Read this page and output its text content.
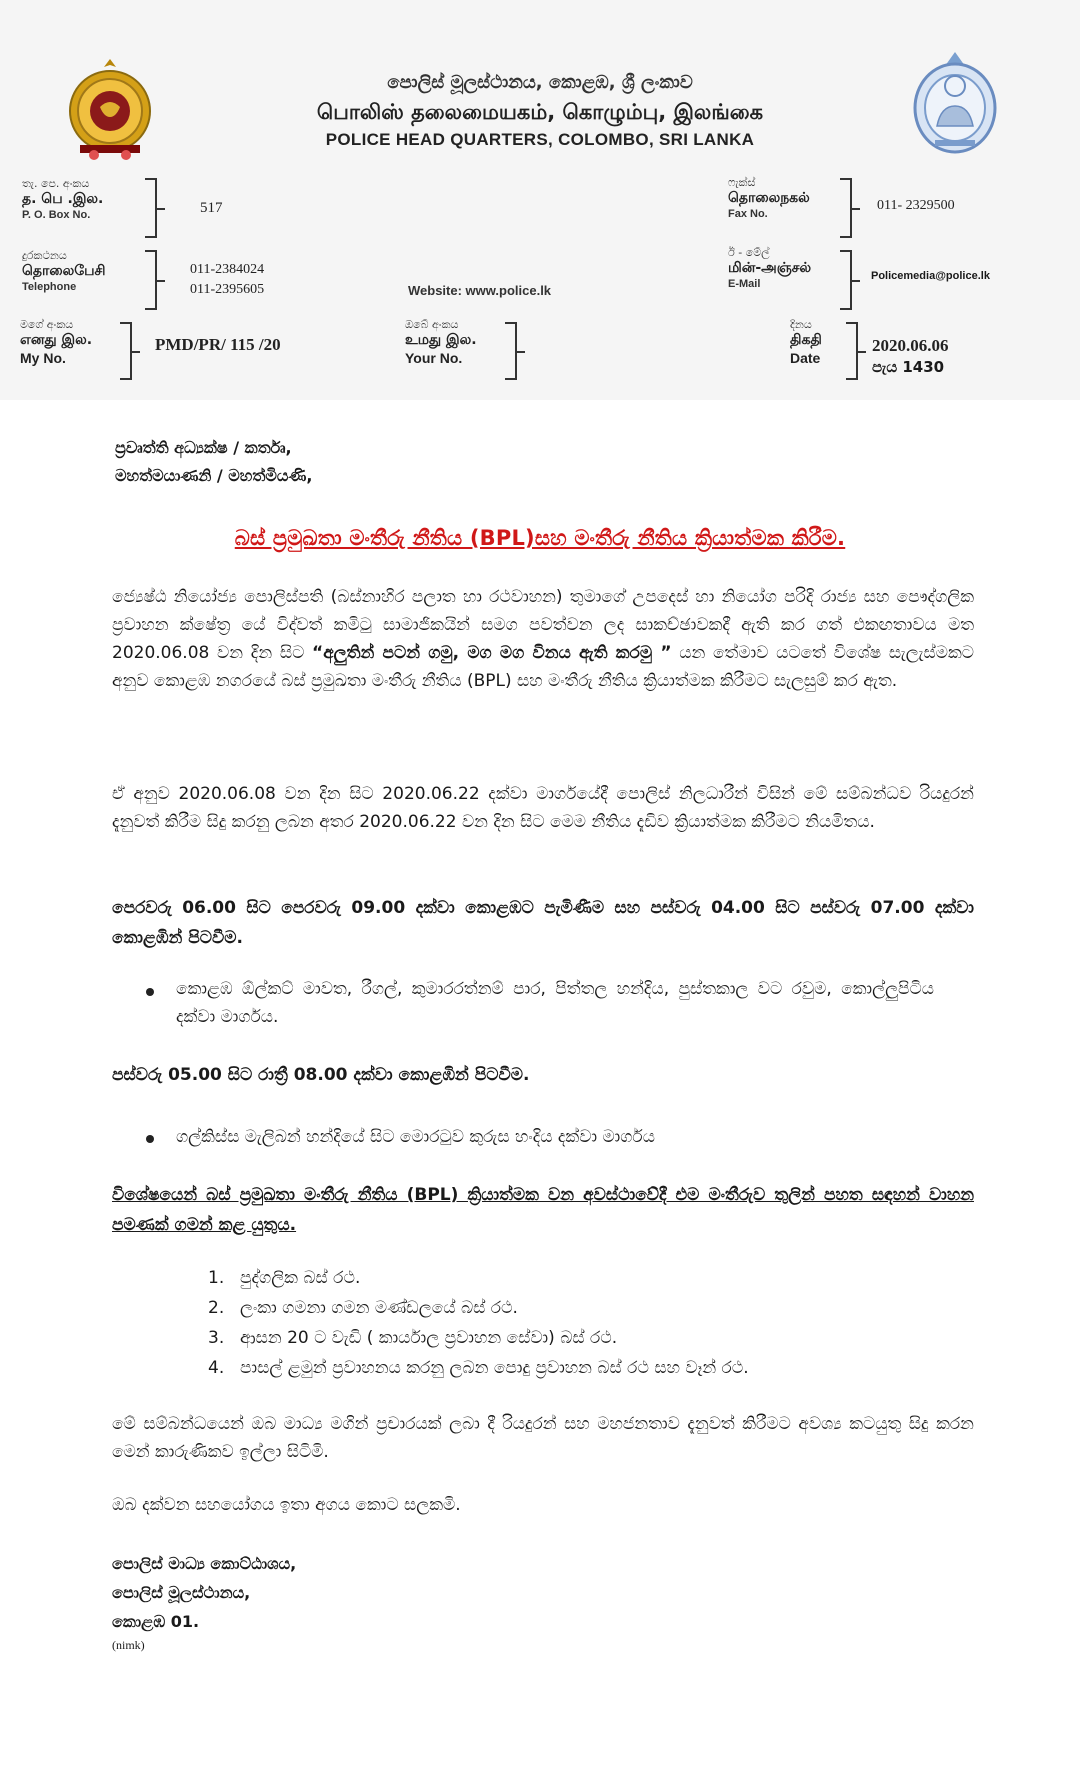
පොලිස් මූලස්ථානය, කොළඹ, ශ්‍රී ලංකාව
பொலிஸ் தலைமையகம், கொழும்பு, இலங்கை
POLICE HEAD QUARTERS, COLOMBO, SRI LANKA
තැ. පෙ. අංකය
த. பெ .இல.
P. O. Box No.	517
ෆැක්ස්
தொலைநகல்
Fax No.
011- 2329500
දුරකථනය
தொலைபேசி
Telephone
011-2384024
011-2395605	Website: www.police.lk
ඊ - මේල්
மின்-அஞ்சல்
E-Mail
Policemedia@police.lk
මගේ අංකය
எனது இல.
My No.
PMD/PR/ 115 /20
ඔබේ අංකය
உமது இல.
Your No.
දිනය
திகதி
Date
2020.06.06
පැය 1430
ප්‍රවෘත්ති අධ්‍යක්ෂ / කර්තෘ,
මහත්මයාණනි / මහත්මියණි,
බස් ප්‍රමුඛතා මංතීරු නීතිය (BPL)සහ මංතීරු නීතිය ක්‍රියාත්මක කිරීම.
ජ්‍යෙෂ්ඨ නියෝජ්‍ය පොලිස්පති (බස්නාහිර පලාත හා රථවාහන) තුමාගේ උපදෙස් හා නියෝග පරිදි රාජ්‍ය සහ පෞද්ගලික ප්‍රවාහන ක්ෂේත්‍ර යේ විද්වත් කමිටු සාමාජිකයින් සමග පවත්වන ලද සාකච්ඡාවකදී ඇති කර ගත් එකඟතාවය මත 2020.06.08 වන දින සිට “අලුතින් පටන් ගමු, මග මග විනය ඇති කරමු ” යන තේමාව යටතේ විශේෂ සැලැස්මකට අනුව කොළඹ නගරයේ බස් ප්‍රමුඛතා මංතීරු නීතිය (BPL) සහ මංතීරු නීතිය ක්‍රියාත්මක කිරීමට සැලසුම් කර ඇත.
ඒ අනුව 2020.06.08 වන දින සිට 2020.06.22 දක්වා මාර්ගයේදී පොලිස් නිලධාරීන් විසින් මේ සම්බන්ධව රියදුරන් දැනුවත් කිරීම සිදු කරනු ලබන අතර 2020.06.22 වන දින සිට මෙම නීතිය දැඩිව ක්‍රියාත්මක කිරීමට නියමිතය.
පෙරවරු 06.00 සිට පෙරවරු 09.00 දක්වා කොළඹට පැමිණීම සහ පස්වරු 04.00 සිට පස්වරු 07.00 දක්වා කොළඹින් පිටවීම.
කොළඹ ඕල්කට් මාවත, රීගල්, කුමාරරත්නම් පාර, පිත්තල හන්දිය, පුස්තකාල වට රවුම, කොල්ලුපිටිය දක්වා මාර්ගය.
පස්වරු 05.00 සිට රාත්‍රී 08.00 දක්වා කොළඹින් පිටවීම.
ගල්කිස්ස මැලිබන් හන්දියේ සිට මොරටුව කුරුස හංදිය දක්වා මාර්ගය
විශේෂයෙන් බස් ප්‍රමුඛතා මංතීරු නීතිය (BPL) ක්‍රියාත්මක වන අවස්ථාවේදී එම මංතීරුව තුලින් පහත සඳහන් වාහන පමණක් ගමන් කළ යුතුය.
1. පුද්ගලික බස් රථ.
2. ලංකා ගමනා ගමන මණ්ඩලයේ බස් රථ.
3. ආසන 20 ට වැඩි ( කාර්යාල ප්‍රවාහන සේවා) බස් රථ.
4. පාසල් ළමුන් ප්‍රවාහනය කරනු ලබන පොදු ප්‍රවාහන බස් රථ සහ වෑන් රථ.
මේ සම්බන්ධයෙන් ඔබ මාධ්‍ය මගින් ප්‍රචාරයක් ලබා දී රියදුරන් සහ මහජනතාව දැනුවත් කිරීමට අවශ්‍ය කටයුතු සිදු කරන මෙන් කාරුණිකව ඉල්ලා සිටිමි.
ඔබ දක්වන සහයෝගය ඉතා අගය කොට සලකමි.
පොලිස් මාධ්‍ය කොට්ඨාශය,
පොලිස් මූලස්ථානය,
කොළඹ 01.
(nimk)
